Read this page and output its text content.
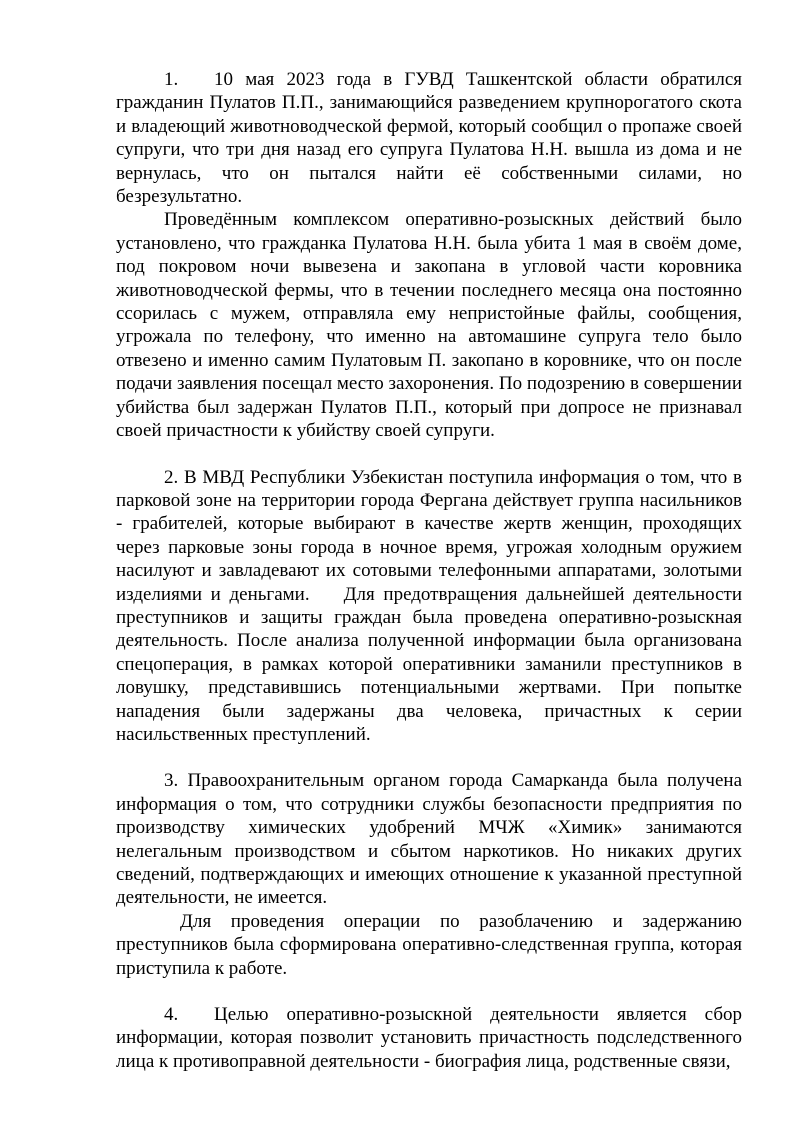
1. 10 мая 2023 года в ГУВД Ташкентской области обратился гражданин Пулатов П.П., занимающийся разведением крупнорогатого скота и владеющий животноводческой фермой, который сообщил о пропаже своей супруги, что три дня назад его супруга Пулатова Н.Н. вышла из дома и не вернулась, что он пытался найти её собственными силами, но безрезультатно.

Проведённым комплексом оперативно-розыскных действий было установлено, что гражданка Пулатова Н.Н. была убита 1 мая в своём доме, под покровом ночи вывезена и закопана в угловой части коровника животноводческой фермы, что в течении последнего месяца она постоянно ссорилась с мужем, отправляла ему непристойные файлы, сообщения, угрожала по телефону, что именно на автомашине супруга тело было отвезено и именно самим Пулатовым П. закопано в коровнике, что он после подачи заявления посещал место захоронения. По подозрению в совершении убийства был задержан Пулатов П.П., который при допросе не признавал своей причастности к убийству своей супруги.

2. В МВД Республики Узбекистан поступила информация о том, что в парковой зоне на территории города Фергана действует группа насильников - грабителей, которые выбирают в качестве жертв женщин, проходящих через парковые зоны города в ночное время, угрожая холодным оружием насилуют и завладевают их сотовыми телефонными аппаратами, золотыми изделиями и деньгами. Для предотвращения дальнейшей деятельности преступников и защиты граждан была проведена оперативно-розыскная деятельность. После анализа полученной информации была организована спецоперация, в рамках которой оперативники заманили преступников в ловушку, представившись потенциальными жертвами. При попытке нападения были задержаны два человека, причастных к серии насильственных преступлений.

3. Правоохранительным органом города Самарканда была получена информация о том, что сотрудники службы безопасности предприятия по производству химических удобрений МЧЖ «Химик» занимаются нелегальным производством и сбытом наркотиков. Но никаких других сведений, подтверждающих и имеющих отношение к указанной преступной деятельности, не имеется.

Для проведения операции по разоблачению и задержанию преступников была сформирована оперативно-следственная группа, которая приступила к работе.

4. Целью оперативно-розыскной деятельности является сбор информации, которая позволит установить причастность подследственного лица к противоправной деятельности - биография лица, родственные связи,
